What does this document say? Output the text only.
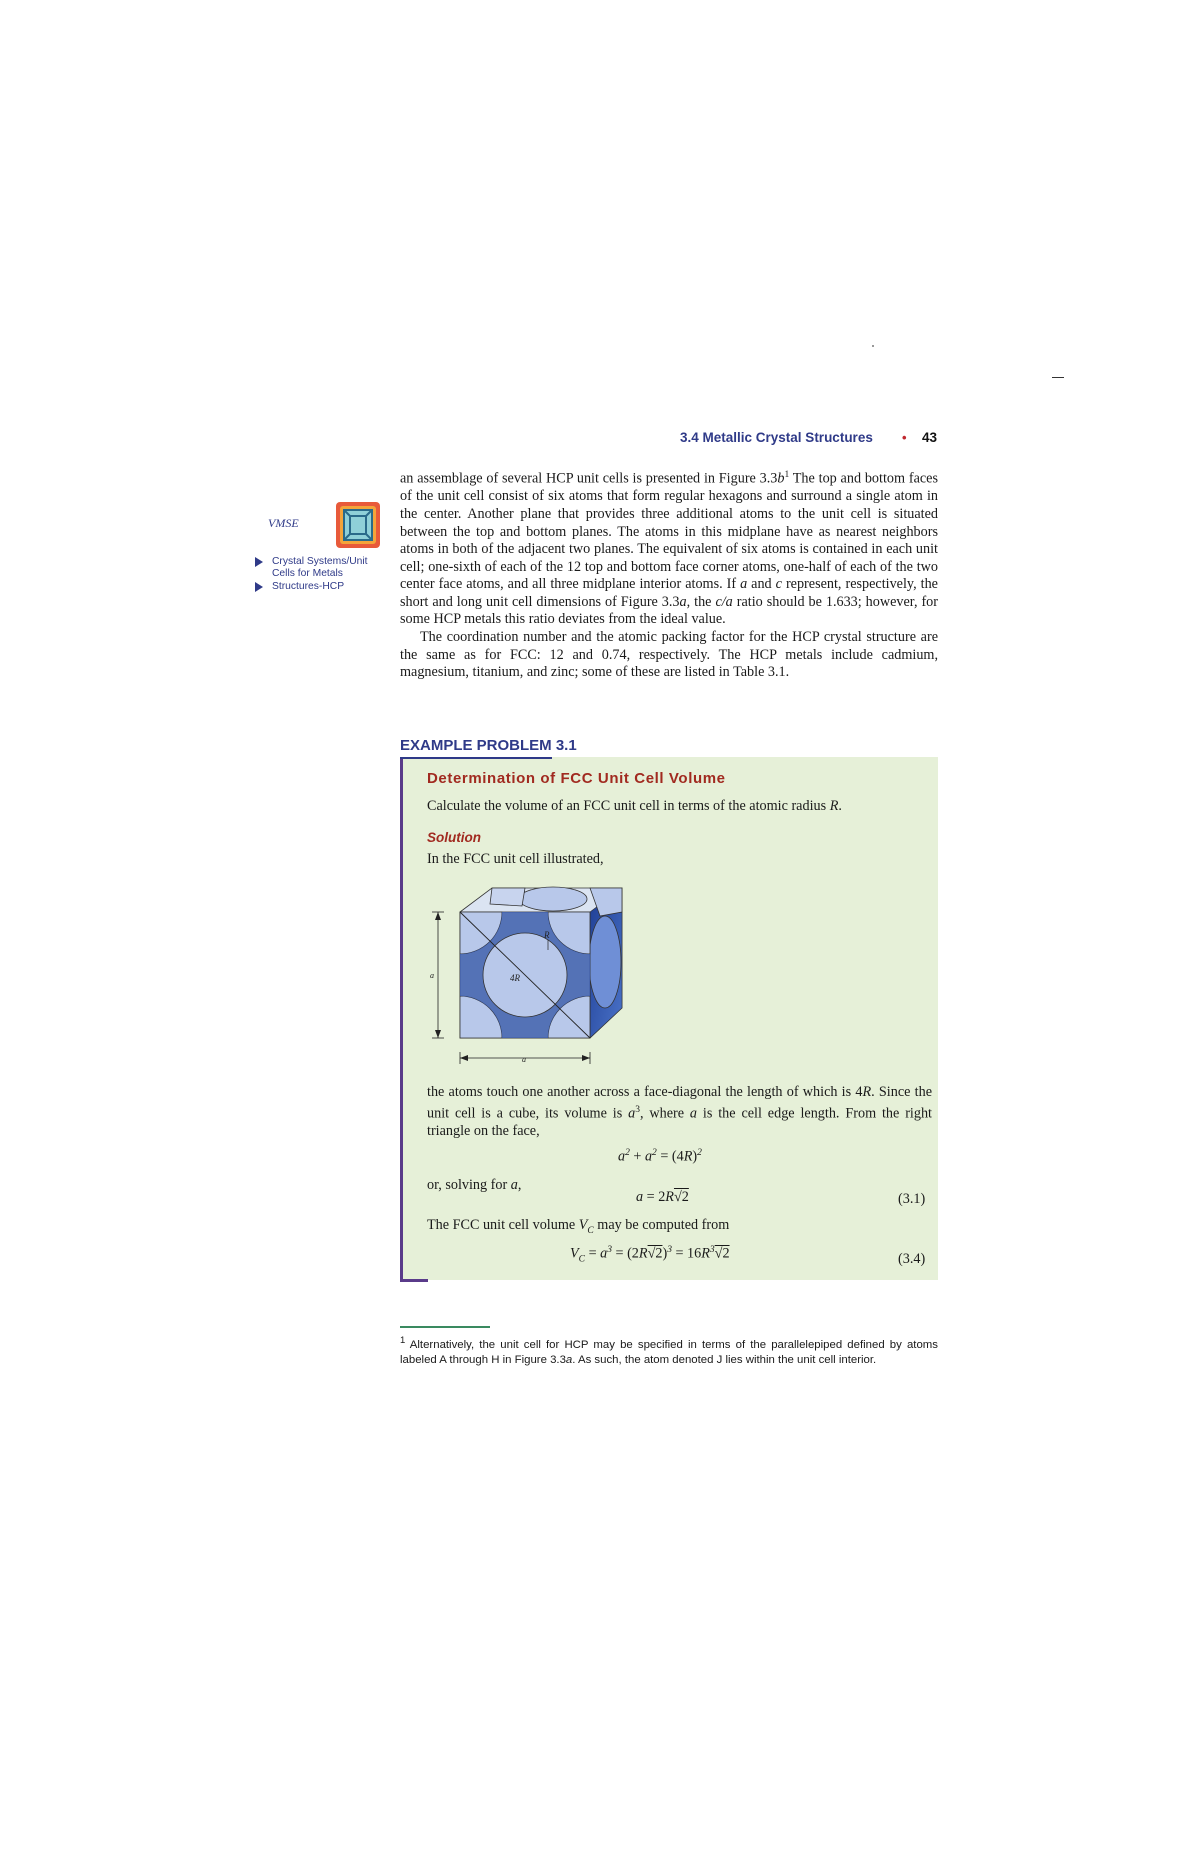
3.4 Metallic Crystal Structures • 43
VMSE
Crystal Systems/Unit Cells for Metals
Structures-HCP

an assemblage of several HCP unit cells is presented in Figure $3.3b^1$ The top and bottom faces of the unit cell consist of six atoms that form regular hexagons and surround a single atom in the center. Another plane that provides three additional atoms to the unit cell is situated between the top and bottom planes. The atoms in this midplane have as nearest neighbors atoms in both of the adjacent two planes. The equivalent of six atoms is contained in each unit cell; one-sixth of each of the 12 top and bottom face corner atoms, one-half of each of the two center face atoms, and all three midplane interior atoms. If a and c represent, respectively, the short and long unit cell dimensions of Figure 3.3a, the c/a ratio should be 1.633; however, for some HCP metals this ratio deviates from the ideal value.

The coordination number and the atomic packing factor for the HCP crystal structure are the same as for FCC: 12 and 0.74, respectively. The HCP metals include cadmium, magnesium, titanium, and zinc; some of these are listed in Table 3.1.

EXAMPLE PROBLEM 3.1
Determination of FCC Unit Cell Volume
Calculate the volume of an FCC unit cell in terms of the atomic radius R.
Solution
In the FCC unit cell illustrated,
R
4R
a
a

the atoms touch one another across a face-diagonal the length of which is 4R. Since the unit cell is a cube, its volume is $a^3$, where a is the cell edge length. From the right triangle on the face,

$a^2 + a^2 = (4R)^2$
or, solving for a,
a = 2R√2	(3.1)
The FCC unit cell volume $V_C$ may be computed from
$V_C = a^3 = (2R√2)^3 = 16R^3√2$	(3.4)
$^1$ Alternatively, the unit cell for HCP may be specified in terms of the parallelepiped defined by atoms labeled A through H in Figure 3.3a. As such, the atom denoted J lies within the unit cell interior.
